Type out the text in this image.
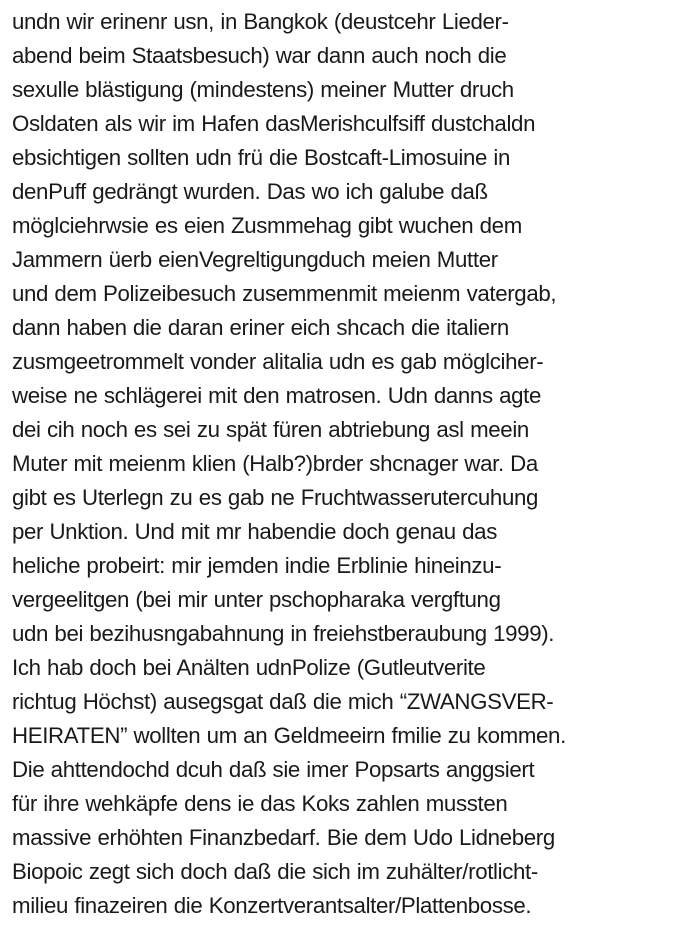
undn wir erinenr usn, in Bangkok (deustcehr Lieder-
abend beim Staatsbesuch) war dann auch noch die
sexulle blästigung (mindestens) meiner Mutter druch
Osldaten als wir im Hafen dasMerishculfsiff dustchaldn
ebsichtigen sollten udn frü die Bostcaft-Limosuine in
denPuff gedrängt wurden. Das wo ich galube daß
möglciehrwsie es eien Zusmmehag gibt wuchen dem
Jammern üerb eienVegreltigungduch meien Mutter
und dem Polizeibesuch zusemmenmit meienm vatergab,
dann haben die daran eriner eich shcach die italiern
zusmgeetrommelt vonder alitalia udn es gab möglciher-
weise ne schlägerei mit den matrosen. Udn danns agte
dei cih noch es sei zu spät füren abtriebung asl meein
Muter mit meienm klien (Halb?)brder shcnager war. Da
gibt es Uterlegn zu es gab ne Fruchtwasserutercuhung
per Unktion. Und mit mr habendie doch genau das
heliche probeirt: mir jemden indie Erblinie hineinzu-
vergeelitgen (bei mir unter pschopharaka vergftung
udn bei bezihusngabahnung in freiehstberaubung 1999).
Ich hab doch bei Anälten udnPolize (Gutleutverite
richtug Höchst) ausegsgat daß die mich “ZWANGSVER-
HEIRATEN” wollten um an Geldmeeirn fmilie zu kommen.
Die ahttendochd dcuh daß sie imer Popsarts anggsiert
für ihre wehkäpfe dens ie das Koks zahlen mussten
massive erhöhten Finanzbedarf. Bie dem Udo Lidneberg
Biopoic zegt sich doch daß die sich im zuhälter/rotlicht-
milieu finazeiren die Konzertverantsalter/Plattenbosse.
